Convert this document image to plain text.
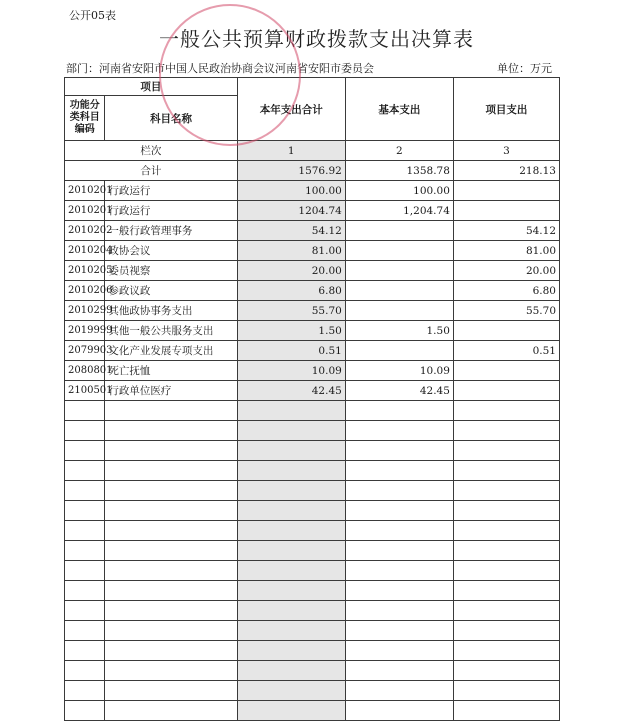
公开05表
一般公共预算财政拨款支出决算表
部门：河南省安阳市中国人民政治协商会议河南省安阳市委员会	单位：万元
项目		本年支出合计	基本支出	项目支出

功能分类科目编码	科目名称			
栏次		1	2	3
合计		1576.92	1358.78	218.13
2010201	行政运行	100.00	100.00	
2010201	行政运行	1204.74	1,204.74	
2010202	一般行政管理事务	54.12		54.12
2010204	政协会议	81.00		81.00
2010205	委员视察	20.00		20.00
2010206	参政议政	6.80		6.80
2010299	其他政协事务支出	55.70		55.70
2019999	其他一般公共服务支出	1.50	1.50	
2079903	文化产业发展专项支出	0.51		0.51
2080801	死亡抚恤	10.09	10.09	
2100501	行政单位医疗	42.45	42.45	
